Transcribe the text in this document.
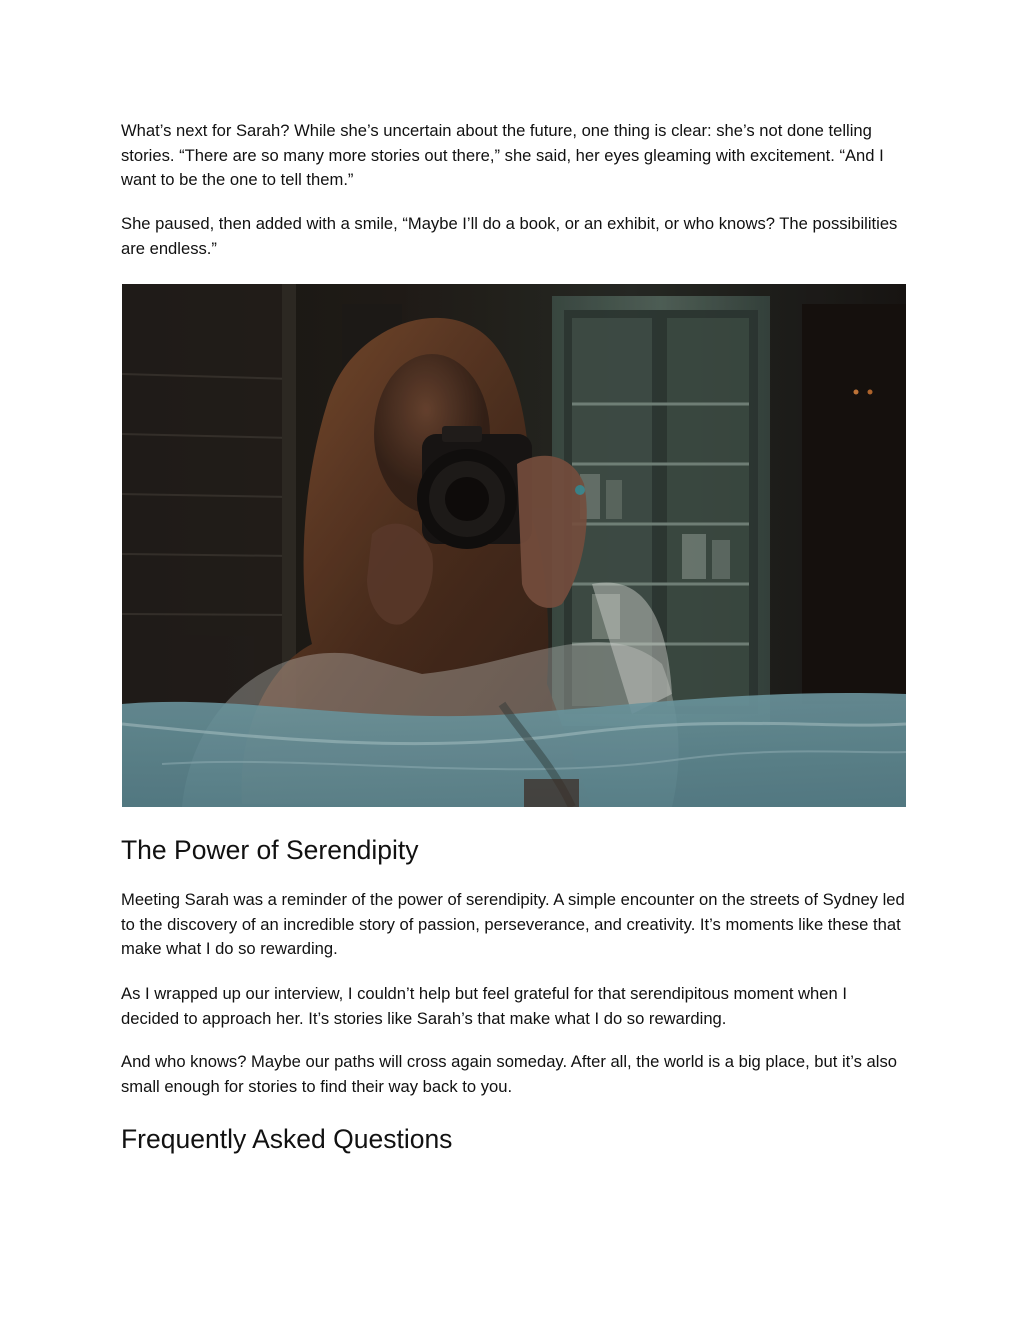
What’s next for Sarah? While she’s uncertain about the future, one thing is clear: she’s not done telling stories. “There are so many more stories out there,” she said, her eyes gleaming with excitement. “And I want to be the one to tell them.”

She paused, then added with a smile, “Maybe I’ll do a book, or an exhibit, or who knows? The possibilities are endless.”

The Power of Serendipity

Meeting Sarah was a reminder of the power of serendipity. A simple encounter on the streets of Sydney led to the discovery of an incredible story of passion, perseverance, and creativity. It’s moments like these that make what I do so rewarding.

As I wrapped up our interview, I couldn’t help but feel grateful for that serendipitous moment when I decided to approach her. It’s stories like Sarah’s that make what I do so rewarding.

And who knows? Maybe our paths will cross again someday. After all, the world is a big place, but it’s also small enough for stories to find their way back to you.

Frequently Asked Questions
